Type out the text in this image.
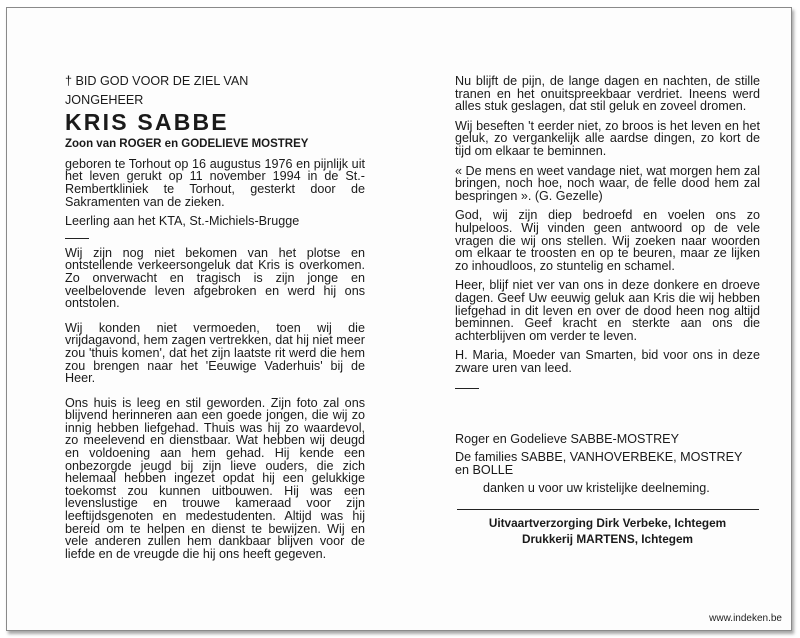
† BID GOD VOOR DE ZIEL VAN

JONGEHEER

KRIS SABBE

Zoon van ROGER en GODELIEVE MOSTREY

geboren te Torhout op 16 augustus 1976 en pijnlijk uit het leven gerukt op 11 november 1994 in de St.-Rembertkliniek te Torhout, gesterkt door de Sakramenten van de zieken.

Leerling aan het KTA, St.-Michiels-Brugge

Wij zijn nog niet bekomen van het plotse en ontstellende verkeersongeluk dat Kris is overkomen. Zo onverwacht en tragisch is zijn jonge en veelbelovende leven afgebroken en werd hij ons ontstolen.

Wij konden niet vermoeden, toen wij die vrijdagavond, hem zagen vertrekken, dat hij niet meer zou 'thuis komen', dat het zijn laatste rit werd die hem zou brengen naar het 'Eeuwige Vaderhuis' bij de Heer.

Ons huis is leeg en stil geworden. Zijn foto zal ons blijvend herinneren aan een goede jongen, die wij zo innig hebben liefgehad. Thuis was hij zo waardevol, zo meelevend en dienstbaar. Wat hebben wij deugd en voldoening aan hem gehad. Hij kende een onbezorgde jeugd bij zijn lieve ouders, die zich helemaal hebben ingezet opdat hij een gelukkige toekomst zou kunnen uitbouwen. Hij was een levenslustige en trouwe kameraad voor zijn leeftijdsgenoten en medestudenten. Altijd was hij bereid om te helpen en dienst te bewijzen. Wij en vele anderen zullen hem dankbaar blijven voor de liefde en de vreugde die hij ons heeft gegeven.

Nu blijft de pijn, de lange dagen en nachten, de stille tranen en het onuitspreekbaar verdriet. Ineens werd alles stuk geslagen, dat stil geluk en zoveel dromen.

Wij beseften 't eerder niet, zo broos is het leven en het geluk, zo vergankelijk alle aardse dingen, zo kort de tijd om elkaar te beminnen.

« De mens en weet vandage niet, wat morgen hem zal bringen, noch hoe, noch waar, de felle dood hem zal bespringen ». (G. Gezelle)

God, wij zijn diep bedroefd en voelen ons zo hulpeloos. Wij vinden geen antwoord op de vele vragen die wij ons stellen. Wij zoeken naar woorden om elkaar te troosten en op te beuren, maar ze lijken zo inhoudloos, zo stuntelig en schamel.

Heer, blijf niet ver van ons in deze donkere en droeve dagen. Geef Uw eeuwig geluk aan Kris die wij hebben liefgehad in dit leven en over de dood heen nog altijd beminnen. Geef kracht en sterkte aan ons die achterblijven om verder te leven.

H. Maria, Moeder van Smarten, bid voor ons in deze zware uren van leed.

Roger en Godelieve SABBE-MOSTREY

De families SABBE, VANHOVERBEKE, MOSTREY en BOLLE

danken u voor uw kristelijke deelneming.

Uitvaartverzorging Dirk Verbeke, Ichtegem

Drukkerij MARTENS, Ichtegem

www.indeken.be
